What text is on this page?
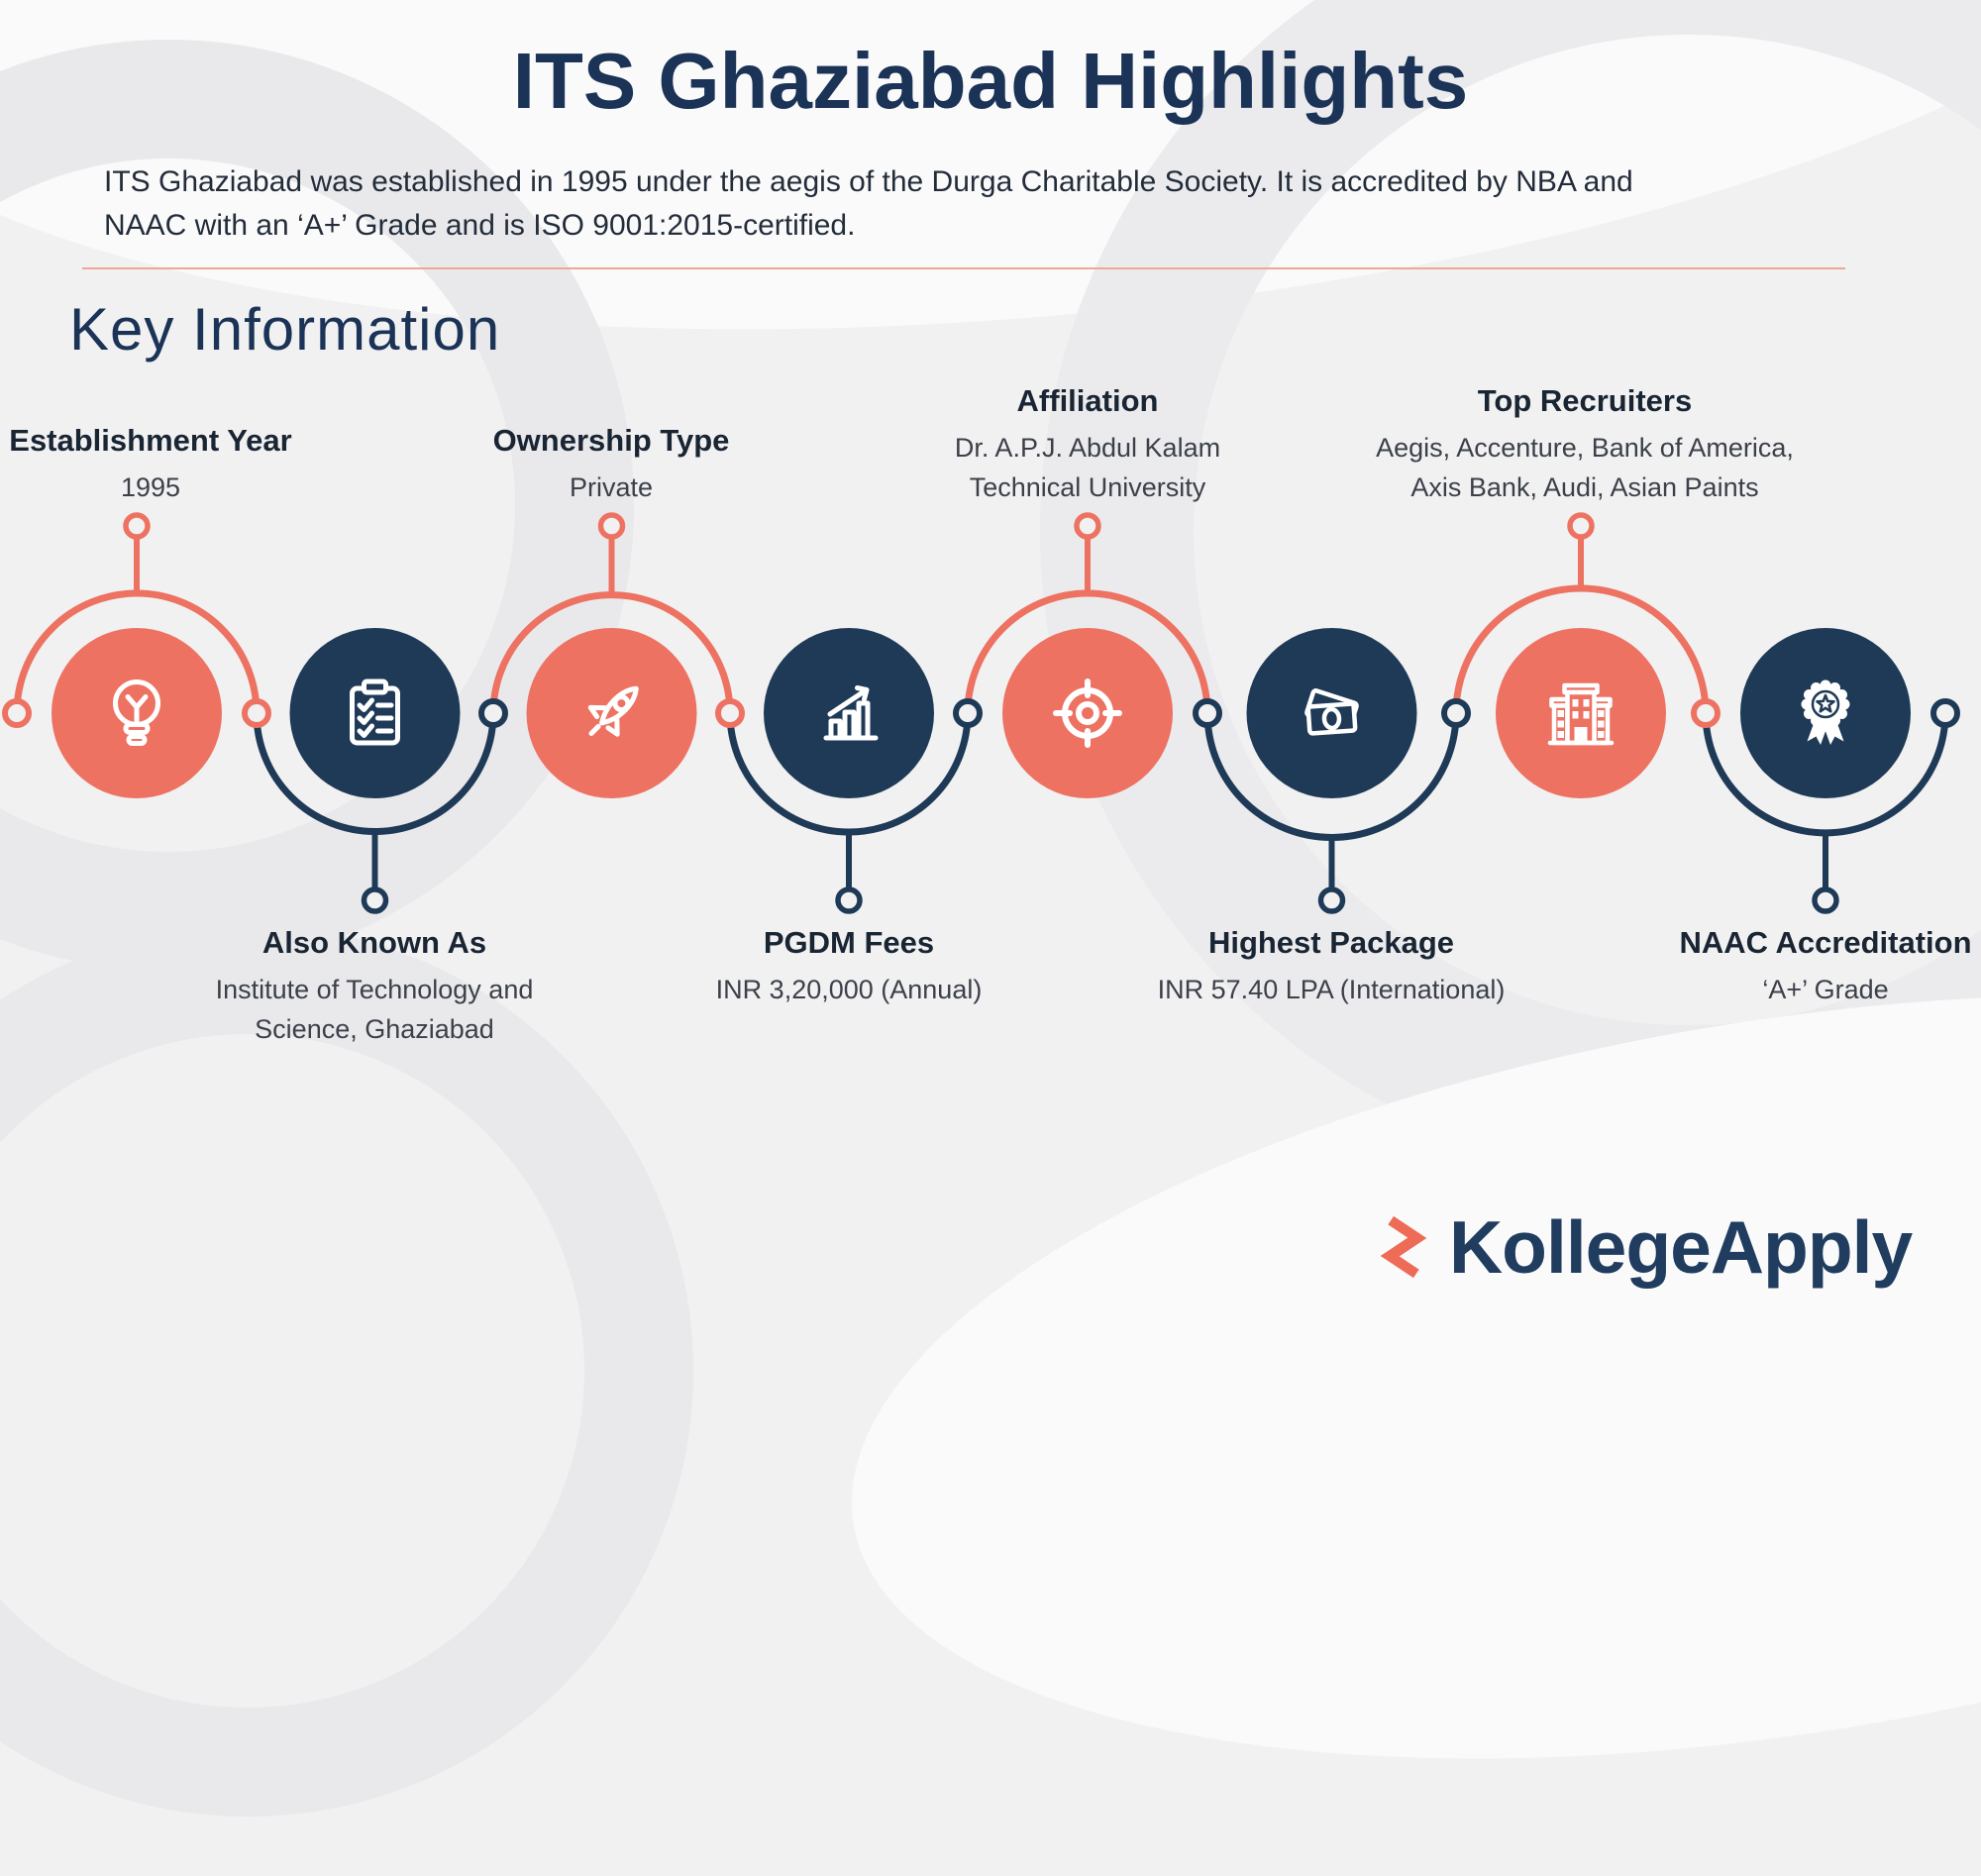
ITS Ghaziabad Highlights
ITS Ghaziabad was established in 1995 under the aegis of the Durga Charitable Society. It is accredited by NBA and NAAC with an ‘A+’ Grade and is ISO 9001:2015-certified.
Key Information
Establishment Year
1995
Also Known As
Institute of Technology and Science, Ghaziabad
Ownership Type
Private
PGDM Fees
INR 3,20,000 (Annual)
Affiliation
Dr. A.P.J. Abdul Kalam Technical University
Highest Package
INR 57.40 LPA (International)
Top Recruiters
Aegis, Accenture, Bank of America, Axis Bank, Audi, Asian Paints
NAAC Accreditation
‘A+’ Grade
KollegeApply
